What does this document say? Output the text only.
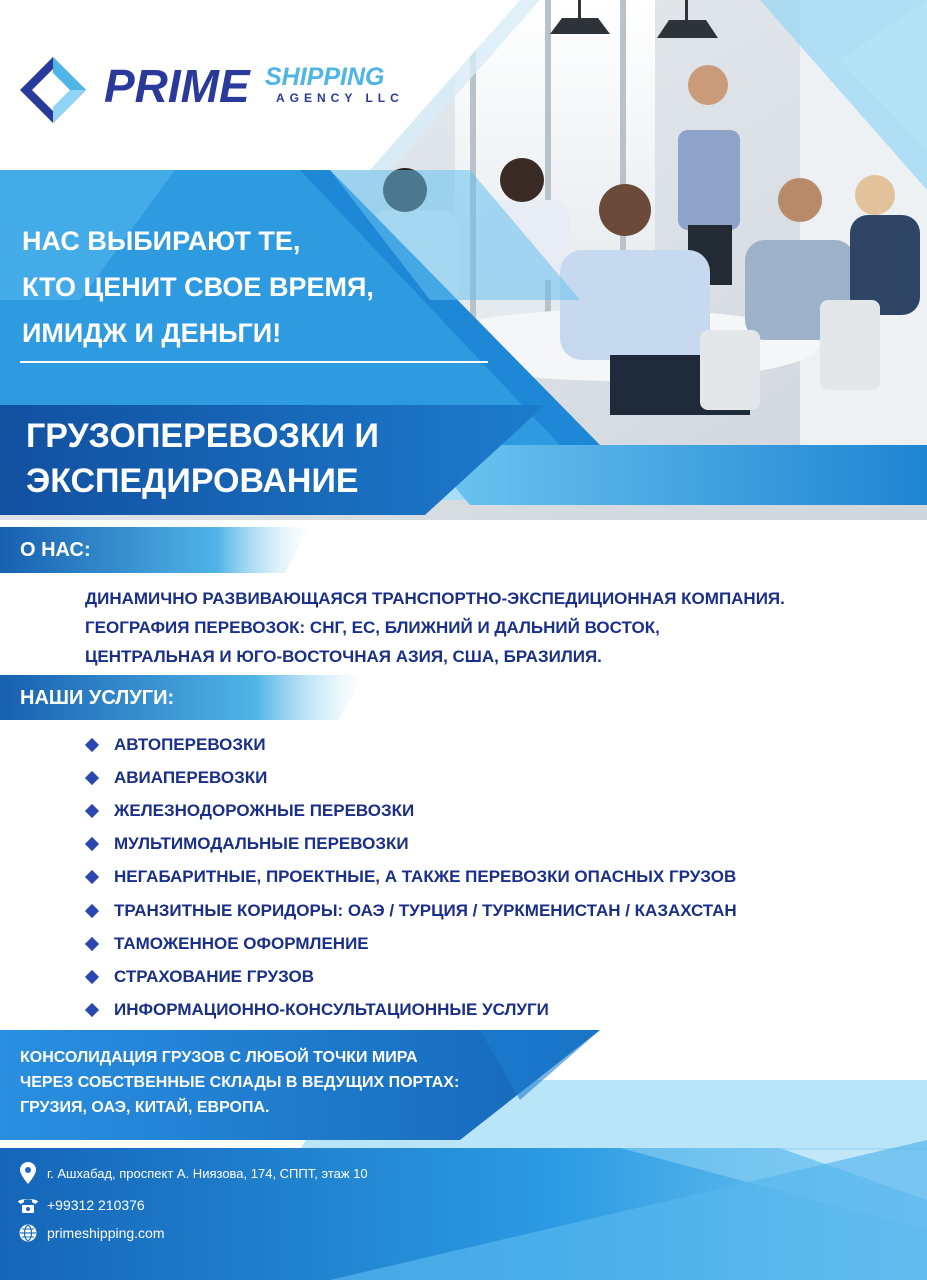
PRIME SHIPPING
AGENCY LLC
НАС ВЫБИРАЮТ ТЕ,
КТО ЦЕНИТ СВОЕ ВРЕМЯ,
ИМИДЖ И ДЕНЬГИ!
ГРУЗОПЕРЕВОЗКИ И
ЭКСПЕДИРОВАНИЕ
О НАС:
ДИНАМИЧНО РАЗВИВАЮЩАЯСЯ ТРАНСПОРТНО-ЭКСПЕДИЦИОННАЯ КОМПАНИЯ.
ГЕОГРАФИЯ ПЕРЕВОЗОК: СНГ, ЕС, БЛИЖНИЙ И ДАЛЬНИЙ ВОСТОК,
ЦЕНТРАЛЬНАЯ И ЮГО-ВОСТОЧНАЯ АЗИЯ, США, БРАЗИЛИЯ.
НАШИ УСЛУГИ:
АВТОПЕРЕВОЗКИ
АВИАПЕРЕВОЗКИ
ЖЕЛЕЗНОДОРОЖНЫЕ ПЕРЕВОЗКИ
МУЛЬТИМОДАЛЬНЫЕ ПЕРЕВОЗКИ
НЕГАБАРИТНЫЕ, ПРОЕКТНЫЕ, А ТАКЖЕ ПЕРЕВОЗКИ ОПАСНЫХ ГРУЗОВ
ТРАНЗИТНЫЕ КОРИДОРЫ: ОАЭ / ТУРЦИЯ / ТУРКМЕНИСТАН / КАЗАХСТАН
ТАМОЖЕННОЕ ОФОРМЛЕНИЕ
СТРАХОВАНИЕ ГРУЗОВ
ИНФОРМАЦИОННО-КОНСУЛЬТАЦИОННЫЕ УСЛУГИ
КОНСОЛИДАЦИЯ ГРУЗОВ С ЛЮБОЙ ТОЧКИ МИРА
ЧЕРЕЗ СОБСТВЕННЫЕ СКЛАДЫ В ВЕДУЩИХ ПОРТАХ:
ГРУЗИЯ, ОАЭ, КИТАЙ, ЕВРОПА.
г. Ашхабад, проспект А. Ниязова, 174, СППТ, этаж 10
+99312 210376
primeshipping.com
